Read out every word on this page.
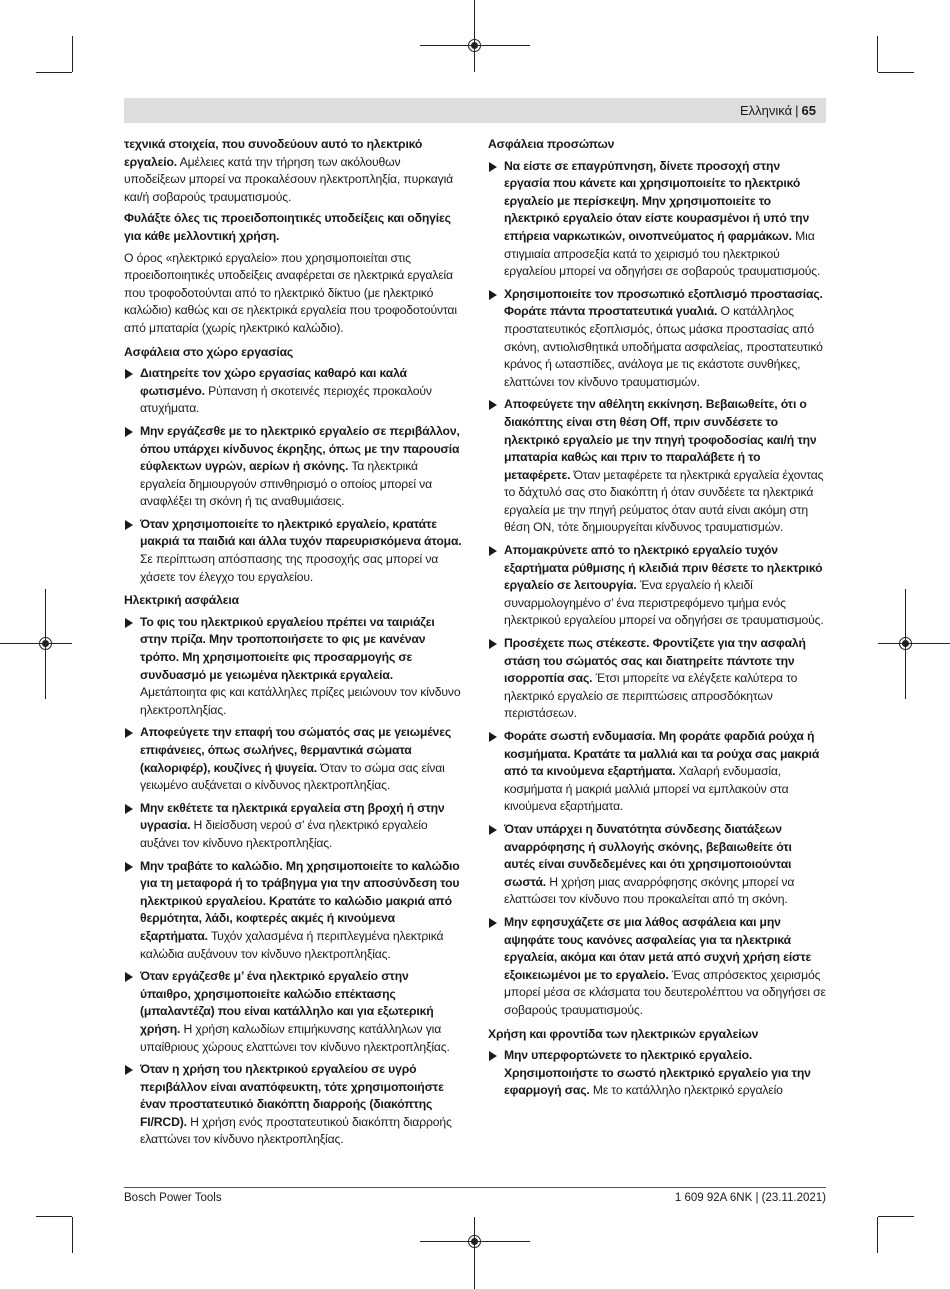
Ελληνικά | 65

τεχνικά στοιχεία, που συνοδεύουν αυτό το ηλεκτρικό εργαλείο. Αμέλειες κατά την τήρηση των ακόλουθων υποδείξεων μπορεί να προκαλέσουν ηλεκτροπληξία, πυρκαγιά και/ή σοβαρούς τραυματισμούς.

Φυλάξτε όλες τις προειδοποιητικές υποδείξεις και οδηγίες για κάθε μελλοντική χρήση.

Ο όρος «ηλεκτρικό εργαλείο» που χρησιμοποιείται στις προειδοποιητικές υποδείξεις αναφέρεται σε ηλεκτρικά εργαλεία που τροφοδοτούνται από το ηλεκτρικό δίκτυο (με ηλεκτρικό καλώδιο) καθώς και σε ηλεκτρικά εργαλεία που τροφοδοτούνται από μπαταρία (χωρίς ηλεκτρικό καλώδιο).

Ασφάλεια στο χώρο εργασίας

Διατηρείτε τον χώρο εργασίας καθαρό και καλά φωτισμένο. Ρύπανση ή σκοτεινές περιοχές προκαλούν ατυχήματα.
Μην εργάζεσθε με το ηλεκτρικό εργαλείο σε περιβάλλον, όπου υπάρχει κίνδυνος έκρηξης, όπως με την παρουσία εύφλεκτων υγρών, αερίων ή σκόνης. Τα ηλεκτρικά εργαλεία δημιουργούν σπινθηρισμό ο οποίος μπορεί να αναφλέξει τη σκόνη ή τις αναθυμιάσεις.
Όταν χρησιμοποιείτε το ηλεκτρικό εργαλείο, κρατάτε μακριά τα παιδιά και άλλα τυχόν παρευρισκόμενα άτομα. Σε περίπτωση απόσπασης της προσοχής σας μπορεί να χάσετε τον έλεγχο του εργαλείου.

Ηλεκτρική ασφάλεια

Το φις του ηλεκτρικού εργαλείου πρέπει να ταιριάζει στην πρίζα. Μην τροποποιήσετε το φις με κανέναν τρόπο. Μη χρησιμοποιείτε φις προσαρμογής σε συνδυασμό με γειωμένα ηλεκτρικά εργαλεία. Αμετάποιητα φις και κατάλληλες πρίζες μειώνουν τον κίνδυνο ηλεκτροπληξίας.
Αποφεύγετε την επαφή του σώματός σας με γειωμένες επιφάνειες, όπως σωλήνες, θερμαντικά σώματα (καλοριφέρ), κουζίνες ή ψυγεία. Όταν το σώμα σας είναι γειωμένο αυξάνεται ο κίνδυνος ηλεκτροπληξίας.
Μην εκθέτετε τα ηλεκτρικά εργαλεία στη βροχή ή στην υγρασία. Η διείσδυση νερού σ’ ένα ηλεκτρικό εργαλείο αυξάνει τον κίνδυνο ηλεκτροπληξίας.
Μην τραβάτε το καλώδιο. Μη χρησιμοποιείτε το καλώδιο για τη μεταφορά ή το τράβηγμα για την αποσύνδεση του ηλεκτρικού εργαλείου. Κρατάτε το καλώδιο μακριά από θερμότητα, λάδι, κοφτερές ακμές ή κινούμενα εξαρτήματα. Τυχόν χαλασμένα ή περιπλεγμένα ηλεκτρικά καλώδια αυξάνουν τον κίνδυνο ηλεκτροπληξίας.
Όταν εργάζεσθε μ’ ένα ηλεκτρικό εργαλείο στην ύπαιθρο, χρησιμοποιείτε καλώδιο επέκτασης (μπαλαντέζα) που είναι κατάλληλο και για εξωτερική χρήση. Η χρήση καλωδίων επιμήκυνσης κατάλληλων για υπαίθριους χώρους ελαττώνει τον κίνδυνο ηλεκτροπληξίας.
Όταν η χρήση του ηλεκτρικού εργαλείου σε υγρό περιβάλλον είναι αναπόφευκτη, τότε χρησιμοποιήστε έναν προστατευτικό διακόπτη διαρροής (διακόπτης FI/RCD). Η χρήση ενός προστατευτικού διακόπτη διαρροής ελαττώνει τον κίνδυνο ηλεκτροπληξίας.

Ασφάλεια προσώπων

Να είστε σε επαγρύπνηση, δίνετε προσοχή στην εργασία που κάνετε και χρησιμοποιείτε το ηλεκτρικό εργαλείο με περίσκεψη. Μην χρησιμοποιείτε το ηλεκτρικό εργαλείο όταν είστε κουρασμένοι ή υπό την επήρεια ναρκωτικών, οινοπνεύματος ή φαρμάκων. Μια στιγμιαία απροσεξία κατά το χειρισμό του ηλεκτρικού εργαλείου μπορεί να οδηγήσει σε σοβαρούς τραυματισμούς.
Χρησιμοποιείτε τον προσωπικό εξοπλισμό προστασίας. Φοράτε πάντα προστατευτικά γυαλιά. Ο κατάλληλος προστατευτικός εξοπλισμός, όπως μάσκα προστασίας από σκόνη, αντιολισθητικά υποδήματα ασφαλείας, προστατευτικό κράνος ή ωτασπίδες, ανάλογα με τις εκάστοτε συνθήκες, ελαττώνει τον κίνδυνο τραυματισμών.
Αποφεύγετε την αθέλητη εκκίνηση. Βεβαιωθείτε, ότι ο διακόπτης είναι στη θέση Off, πριν συνδέσετε το ηλεκτρικό εργαλείο με την πηγή τροφοδοσίας και/ή την μπαταρία καθώς και πριν το παραλάβετε ή το μεταφέρετε. Όταν μεταφέρετε τα ηλεκτρικά εργαλεία έχοντας το δάχτυλό σας στο διακόπτη ή όταν συνδέετε τα ηλεκτρικά εργαλεία με την πηγή ρεύματος όταν αυτά είναι ακόμη στη θέση ON, τότε δημιουργείται κίνδυνος τραυματισμών.
Απομακρύνετε από το ηλεκτρικό εργαλείο τυχόν εξαρτήματα ρύθμισης ή κλειδιά πριν θέσετε το ηλεκτρικό εργαλείο σε λειτουργία. Ένα εργαλείο ή κλειδί συναρμολογημένο σ’ ένα περιστρεφόμενο τμήμα ενός ηλεκτρικού εργαλείου μπορεί να οδηγήσει σε τραυματισμούς.
Προσέχετε πως στέκεστε. Φροντίζετε για την ασφαλή στάση του σώματός σας και διατηρείτε πάντοτε την ισορροπία σας. Έτσι μπορείτε να ελέγξετε καλύτερα το ηλεκτρικό εργαλείο σε περιπτώσεις απροσδόκητων περιστάσεων.
Φοράτε σωστή ενδυμασία. Μη φοράτε φαρδιά ρούχα ή κοσμήματα. Κρατάτε τα μαλλιά και τα ρούχα σας μακριά από τα κινούμενα εξαρτήματα. Χαλαρή ενδυμασία, κοσμήματα ή μακριά μαλλιά μπορεί να εμπλακούν στα κινούμενα εξαρτήματα.
Όταν υπάρχει η δυνατότητα σύνδεσης διατάξεων αναρρόφησης ή συλλογής σκόνης, βεβαιωθείτε ότι αυτές είναι συνδεδεμένες και ότι χρησιμοποιούνται σωστά. Η χρήση μιας αναρρόφησης σκόνης μπορεί να ελαττώσει τον κίνδυνο που προκαλείται από τη σκόνη.
Μην εφησυχάζετε σε μια λάθος ασφάλεια και μην αψηφάτε τους κανόνες ασφαλείας για τα ηλεκτρικά εργαλεία, ακόμα και όταν μετά από συχνή χρήση είστε εξοικειωμένοι με το εργαλείο. Ένας απρόσεκτος χειρισμός μπορεί μέσα σε κλάσματα του δευτερολέπτου να οδηγήσει σε σοβαρούς τραυματισμούς.

Χρήση και φροντίδα των ηλεκτρικών εργαλείων

Μην υπερφορτώνετε το ηλεκτρικό εργαλείο. Χρησιμοποιήστε το σωστό ηλεκτρικό εργαλείο για την εφαρμογή σας. Με το κατάλληλο ηλεκτρικό εργαλείο
Bosch Power Tools	1 609 92A 6NK | (23.11.2021)
